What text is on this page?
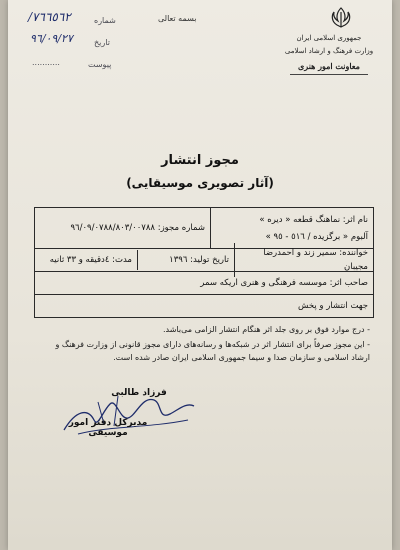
٧٦٦٥٦٢/	شماره
٩٦/٠٩/٢٧	تاریخ
...........	پیوست
بسمه تعالی
جمهوری اسلامی ایران
وزارت فرهنگ و ارشاد اسلامی
معاونت امور هنری
مجوز انتشار
(آثار تصویری موسیقایی)
نام اثر: نماهنگ قطعه « دیره »
آلبوم « برگزیده / ٥١٦ - ٩٥ »
شماره مجوز: ٩٦/٠٩/٠٧٨٨/٨٠٣/٠٠٧٨٨
خواننده: سمیر زند و احمدرضا مجیبان
تاریخ تولید: ١٣٩٦
مدت: ٤دقیقه و ٣٣ ثانیه
صاحب اثر: موسسه فرهنگی و هنری اریکه سمر
جهت انتشار و پخش

- درج موارد فوق بر روی جلد اثر هنگام انتشار الزامی می‌باشد.

- این مجوز صرفاً برای انتشار اثر در شبکه‌ها و رسانه‌های دارای مجوز قانونی از وزارت فرهنگ و ارشاد اسلامی و سازمان صدا و سیما جمهوری اسلامی ایران صادر شده است.

فرزاد طالبی
مدیرکل دفتر امور موسیقی
